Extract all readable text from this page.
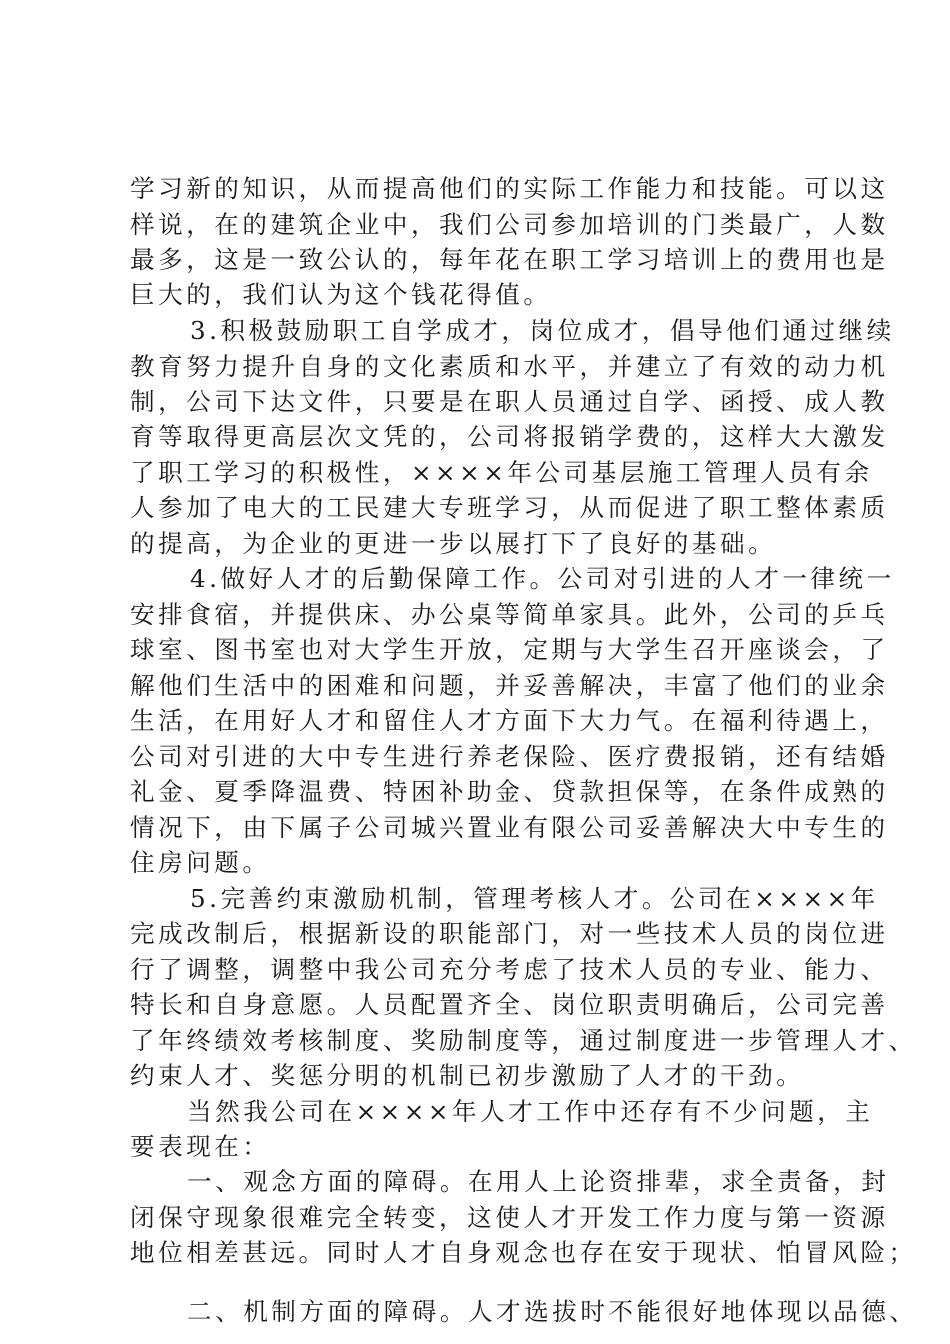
学习新的知识，从而提高他们的实际工作能力和技能。可以这
样说，在的建筑企业中，我们公司参加培训的门类最广，人数
最多，这是一致公认的，每年花在职工学习培训上的费用也是
巨大的，我们认为这个钱花得值。
3.积极鼓励职工自学成才，岗位成才，倡导他们通过继续
教育努力提升自身的文化素质和水平，并建立了有效的动力机
制，公司下达文件，只要是在职人员通过自学、函授、成人教
育等取得更高层次文凭的，公司将报销学费的，这样大大激发
了职工学习的积极性，××××年公司基层施工管理人员有余
人参加了电大的工民建大专班学习，从而促进了职工整体素质
的提高，为企业的更进一步以展打下了良好的基础。
4.做好人才的后勤保障工作。公司对引进的人才一律统一
安排食宿，并提供床、办公桌等简单家具。此外，公司的乒乓
球室、图书室也对大学生开放，定期与大学生召开座谈会，了
解他们生活中的困难和问题，并妥善解决，丰富了他们的业余
生活，在用好人才和留住人才方面下大力气。在福利待遇上，
公司对引进的大中专生进行养老保险、医疗费报销，还有结婚
礼金、夏季降温费、特困补助金、贷款担保等，在条件成熟的
情况下，由下属子公司城兴置业有限公司妥善解决大中专生的
住房问题。
5.完善约束激励机制，管理考核人才。公司在××××年
完成改制后，根据新设的职能部门，对一些技术人员的岗位进
行了调整，调整中我公司充分考虑了技术人员的专业、能力、
特长和自身意愿。人员配置齐全、岗位职责明确后，公司完善
了年终绩效考核制度、奖励制度等，通过制度进一步管理人才、
约束人才、奖惩分明的机制已初步激励了人才的干劲。
当然我公司在××××年人才工作中还存有不少问题，主
要表现在：
一、观念方面的障碍。在用人上论资排辈，求全责备，封
闭保守现象很难完全转变，这使人才开发工作力度与第一资源
地位相差甚远。同时人才自身观念也存在安于现状、怕冒风险；
二、机制方面的障碍。人才选拔时不能很好地体现以品德、
